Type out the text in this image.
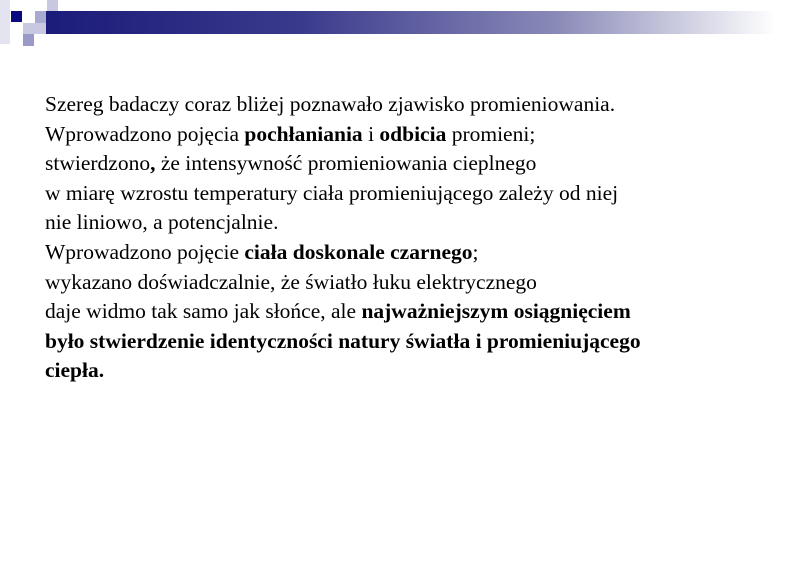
Szereg badaczy coraz bliżej poznawało zjawisko promieniowania.
Wprowadzono pojęcia pochłaniania i odbicia promieni;
stwierdzono, że intensywność promieniowania cieplnego
w miarę wzrostu temperatury ciała promieniującego zależy od niej
nie liniowo, a potencjalnie.
Wprowadzono pojęcie ciała doskonale czarnego;
wykazano doświadczalnie, że światło łuku elektrycznego
daje widmo tak samo jak słońce, ale najważniejszym osiągnięciem
było stwierdzenie identyczności natury światła i promieniującego
ciepła.
